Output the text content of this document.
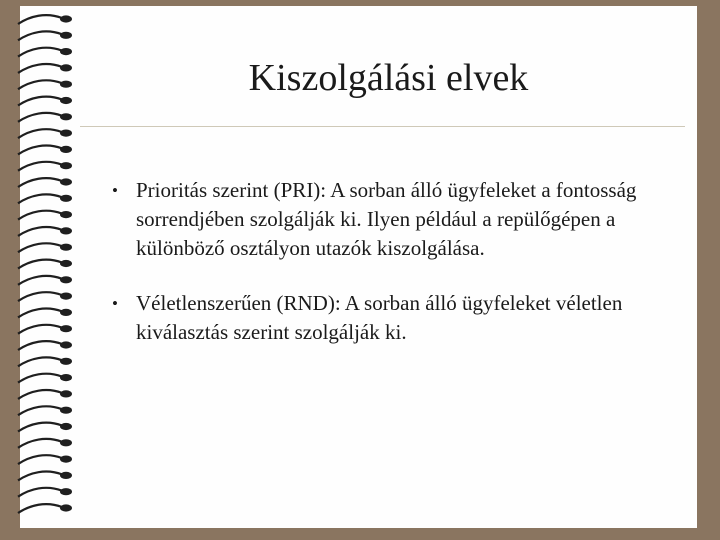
Kiszolgálási elvek
• Prioritás szerint (PRI): A sorban álló ügyfeleket a fontosság sorrendjében szolgálják ki. Ilyen például a repülőgépen a különböző osztályon utazók kiszolgálása.
• Véletlenszerűen (RND): A sorban álló ügyfeleket véletlen kiválasztás szerint szolgálják ki.
